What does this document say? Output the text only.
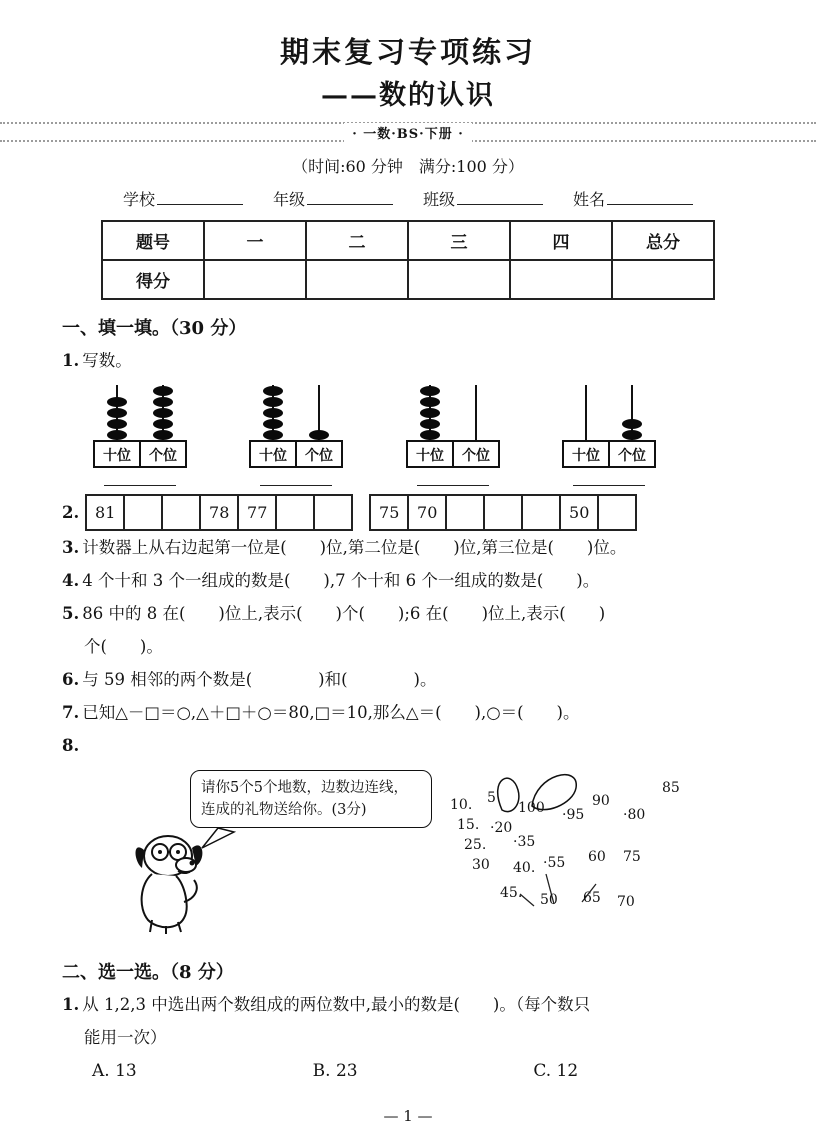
期末复习专项练习
——数的认识
· 一数·BS·下册 ·
（时间:60 分钟　满分:100 分）
学校	年级	班级	姓名
题号	一	二	三	四	总分
得分					
一、填一填。（30 分）
1. 写数。
十位 个位	十位 个位	十位 个位	十位 个位
2. 81			78	77			75	70				50	
3. 计数器上从右边起第一位是(　　)位,第二位是(　　)位,第三位是(　　)位。
4. 4 个十和 3 个一组成的数是(　　),7 个十和 6 个一组成的数是(　　)。
5. 86 中的 8 在(　　)位上,表示(　　)个(　　);6 在(　　)位上,表示(　　)
个(　　)。
6. 与 59 相邻的两个数是(　　　　)和(　　　　)。
7. 已知△－□＝○,△＋□＋○＝80,□＝10,那么△＝(　　),○＝(　　)。
8.
请你5个5个地数，边数边连线，
连成的礼物送给你。(3分)	10. 5
100 ·95
90
·80
85
15. ·20
25. ·35
30 40. ·55 60 75
45. 50 65 70
二、选一选。（8 分）
1. 从 1,2,3 中选出两个数组成的两位数中,最小的数是(　　)。（每个数只
能用一次）
A. 13	B. 23	C. 12
— 1 —
